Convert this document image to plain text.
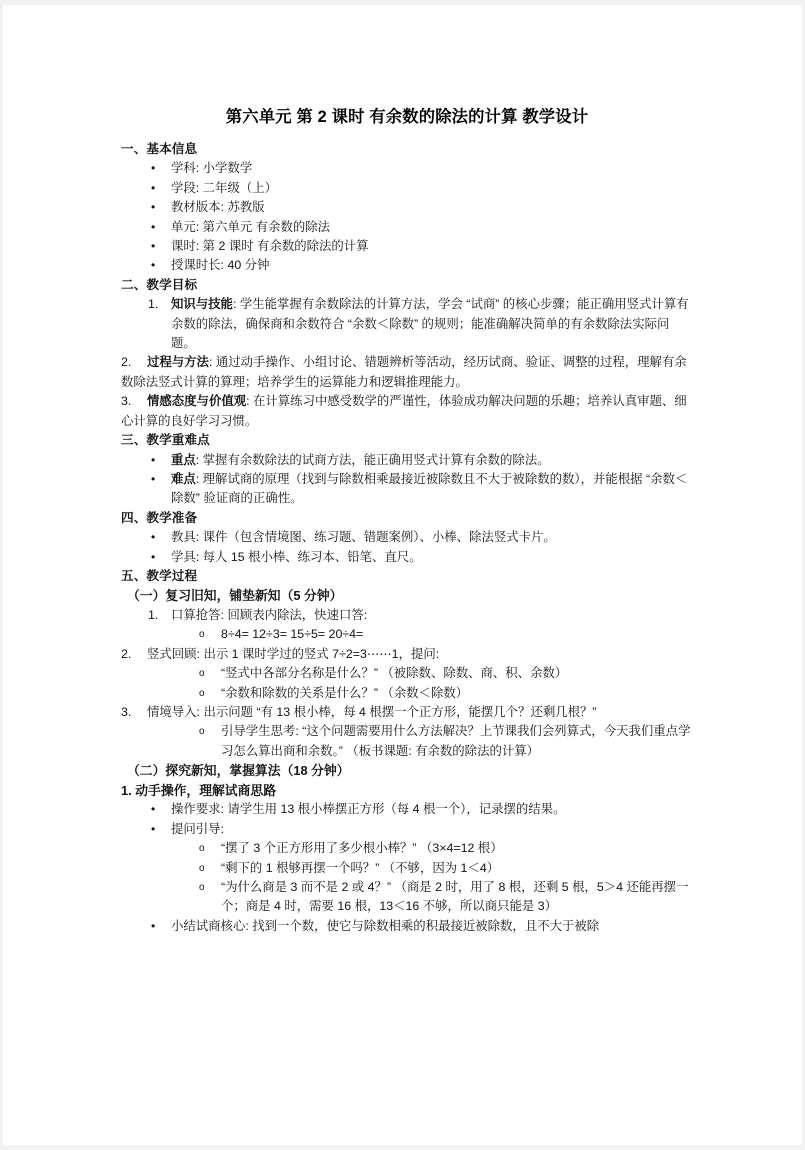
第六单元 第 2 课时 有余数的除法的计算 教学设计

一、基本信息

•	学科: 小学数学
•	学段: 二年级（上）
•	教材版本: 苏教版
•	单元: 第六单元 有余数的除法
•	课时: 第 2 课时 有余数的除法的计算
•	授课时长: 40 分钟

二、教学目标

1.	知识与技能: 学生能掌握有余数除法的计算方法，学会 “试商” 的核心步骤；能正确用竖式计算有余数的除法，确保商和余数符合 “余数＜除数” 的规则；能准确解决简单的有余数除法实际问题。

2. 过程与方法: 通过动手操作、小组讨论、错题辨析等活动，经历试商、验证、调整的过程，理解有余数除法竖式计算的算理；培养学生的运算能力和逻辑推理能力。

3. 情感态度与价值观: 在计算练习中感受数学的严谨性，体验成功解决问题的乐趣；培养认真审题、细心计算的良好学习习惯。

三、教学重难点

•	重点: 掌握有余数除法的试商方法，能正确用竖式计算有余数的除法。
•	难点: 理解试商的原理（找到与除数相乘最接近被除数且不大于被除数的数），并能根据 “余数＜除数” 验证商的正确性。

四、教学准备

•	教具: 课件（包含情境图、练习题、错题案例）、小棒、除法竖式卡片。
•	学具: 每人 15 根小棒、练习本、铅笔、直尺。

五、教学过程

（一）复习旧知，铺垫新知（5 分钟）

1.	口算抢答: 回顾表内除法，快速口答:
o 8÷4= 12÷3= 15÷5= 20÷4=

2. 竖式回顾: 出示 1 课时学过的竖式 7÷2=3⋯⋯1，提问:

o “竖式中各部分名称是什么？” （被除数、除数、商、积、余数）
o “余数和除数的关系是什么？” （余数＜除数）

3. 情境导入: 出示问题 “有 13 根小棒，每 4 根摆一个正方形，能摆几个？还剩几根？”

o 引导学生思考: “这个问题需要用什么方法解决？上节课我们会列算式，今天我们重点学习怎么算出商和余数。” （板书课题: 有余数的除法的计算）

（二）探究新知，掌握算法（18 分钟）

1. 动手操作，理解试商思路

•	操作要求: 请学生用 13 根小棒摆正方形（每 4 根一个），记录摆的结果。
•	提问引导:
o “摆了 3 个正方形用了多少根小棒？” （3×4=12 根）
o “剩下的 1 根够再摆一个吗？” （不够，因为 1＜4）
o “为什么商是 3 而不是 2 或 4？” （商是 2 时，用了 8 根，还剩 5 根，5＞4 还能再摆一个；商是 4 时，需要 16 根，13＜16 不够，所以商只能是 3）
•	小结试商核心: 找到一个数，使它与除数相乘的积最接近被除数，且不大于被除
